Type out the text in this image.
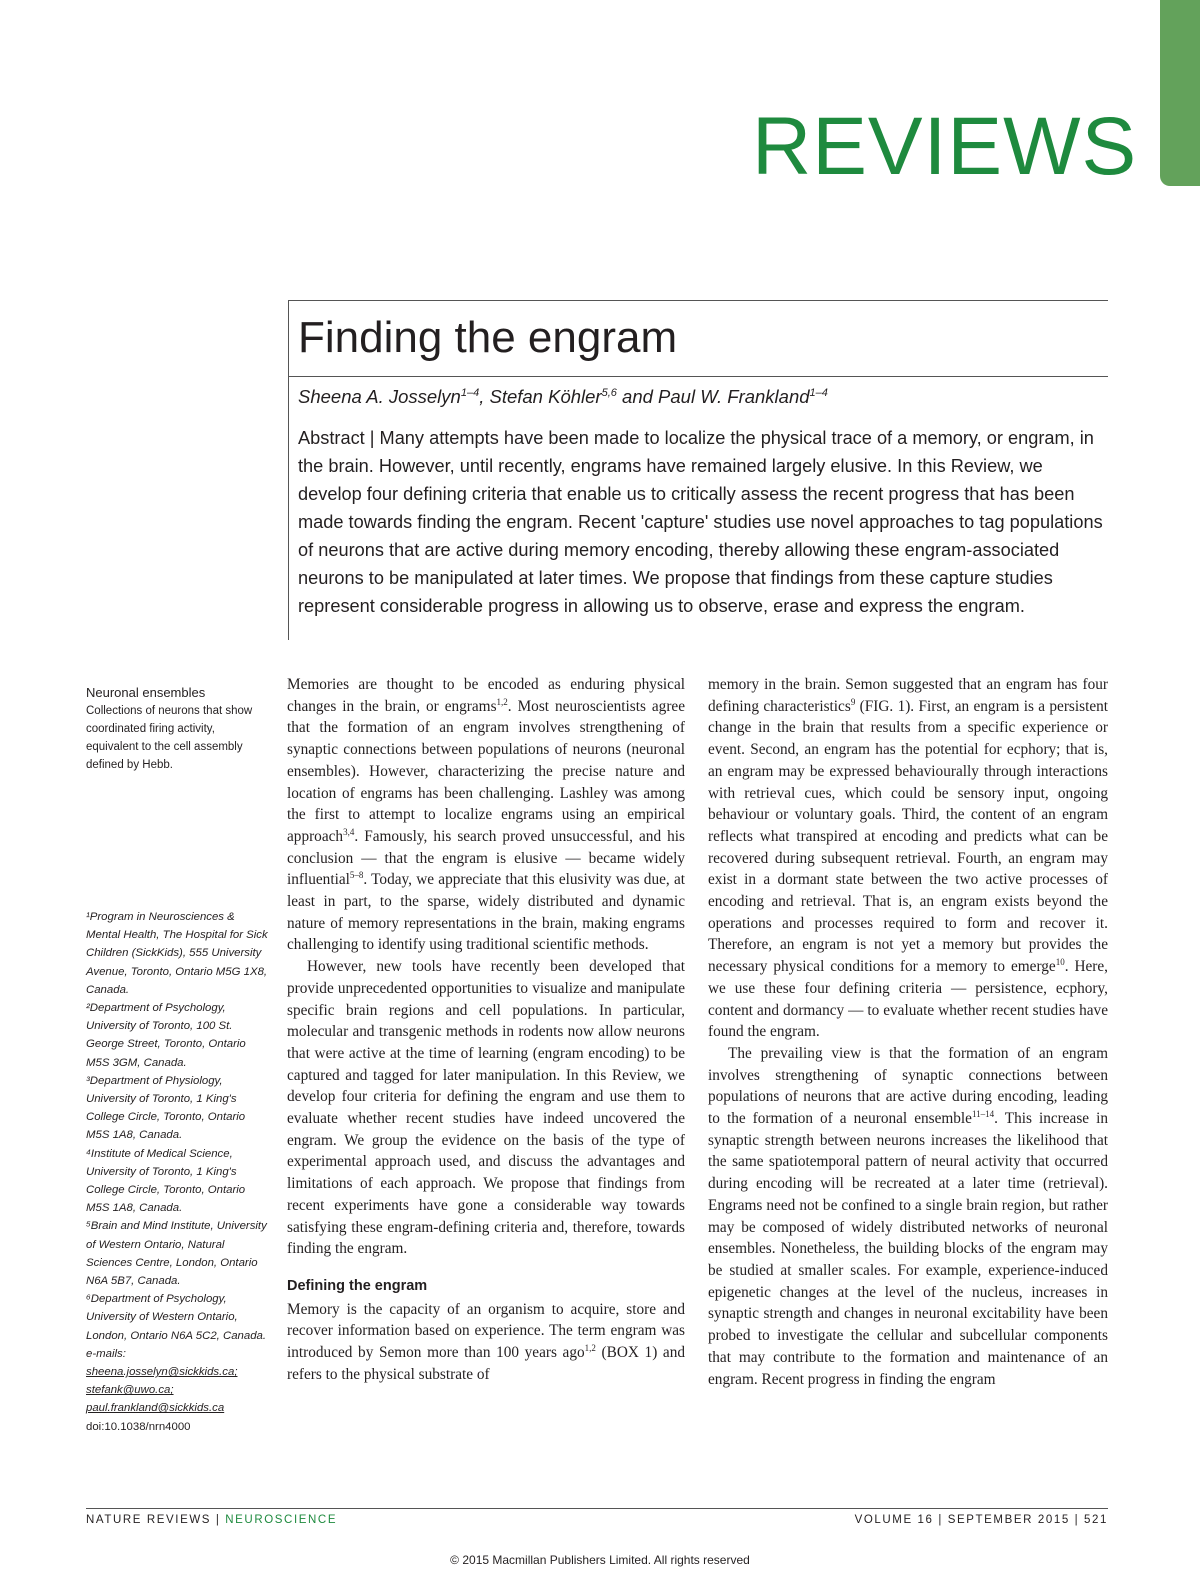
REVIEWS
Finding the engram
Sheena A. Josselyn$^{1-4}$, Stefan Köhler$^{5,6}$ and Paul W. Frankland$^{1-4}$
Abstract | Many attempts have been made to localize the physical trace of a memory, or engram, in the brain. However, until recently, engrams have remained largely elusive. In this Review, we develop four defining criteria that enable us to critically assess the recent progress that has been made towards finding the engram. Recent 'capture' studies use novel approaches to tag populations of neurons that are active during memory encoding, thereby allowing these engram-associated neurons to be manipulated at later times. We propose that findings from these capture studies represent considerable progress in allowing us to observe, erase and express the engram.
Neuronal ensembles
Collections of neurons that show coordinated firing activity, equivalent to the cell assembly defined by Hebb.

¹Program in Neurosciences & Mental Health, The Hospital for Sick Children (SickKids), 555 University Avenue, Toronto, Ontario M5G 1X8, Canada.

²Department of Psychology, University of Toronto, 100 St. George Street, Toronto, Ontario M5S 3GM, Canada.

³Department of Physiology, University of Toronto, 1 King's College Circle, Toronto, Ontario M5S 1A8, Canada.

⁴Institute of Medical Science, University of Toronto, 1 King's College Circle, Toronto, Ontario M5S 1A8, Canada.

⁵Brain and Mind Institute, University of Western Ontario, Natural Sciences Centre, London, Ontario N6A 5B7, Canada.

⁶Department of Psychology, University of Western Ontario, London, Ontario N6A 5C2, Canada.

e-mails: sheena.josselyn@sickkids.ca; stefank@uwo.ca; paul.frankland@sickkids.ca

doi:10.1038/nrn4000

Memories are thought to be encoded as enduring physical changes in the brain, or engrams$^{1,2}$. Most neuroscientists agree that the formation of an engram involves strengthening of synaptic connections between populations of neurons (neuronal ensembles). However, characterizing the precise nature and location of engrams has been challenging. Lashley was among the first to attempt to localize engrams using an empirical approach$^{3,4}$. Famously, his search proved unsuccessful, and his conclusion — that the engram is elusive — became widely influential$^{5-8}$. Today, we appreciate that this elusivity was due, at least in part, to the sparse, widely distributed and dynamic nature of memory representations in the brain, making engrams challenging to identify using traditional scientific methods.

However, new tools have recently been developed that provide unprecedented opportunities to visualize and manipulate specific brain regions and cell populations. In particular, molecular and transgenic methods in rodents now allow neurons that were active at the time of learning (engram encoding) to be captured and tagged for later manipulation. In this Review, we develop four criteria for defining the engram and use them to evaluate whether recent studies have indeed uncovered the engram. We group the evidence on the basis of the type of experimental approach used, and discuss the advantages and limitations of each approach. We propose that findings from recent experiments have gone a considerable way towards satisfying these engram-defining criteria and, therefore, towards finding the engram.

Defining the engram

Memory is the capacity of an organism to acquire, store and recover information based on experience. The term engram was introduced by Semon more than 100 years ago$^{1,2}$ (BOX 1) and refers to the physical substrate of

memory in the brain. Semon suggested that an engram has four defining characteristics$^9$ (FIG. 1). First, an engram is a persistent change in the brain that results from a specific experience or event. Second, an engram has the potential for ecphory; that is, an engram may be expressed behaviourally through interactions with retrieval cues, which could be sensory input, ongoing behaviour or voluntary goals. Third, the content of an engram reflects what transpired at encoding and predicts what can be recovered during subsequent retrieval. Fourth, an engram may exist in a dormant state between the two active processes of encoding and retrieval. That is, an engram exists beyond the operations and processes required to form and recover it. Therefore, an engram is not yet a memory but provides the necessary physical conditions for a memory to emerge$^{10}$. Here, we use these four defining criteria — persistence, ecphory, content and dormancy — to evaluate whether recent studies have found the engram.

The prevailing view is that the formation of an engram involves strengthening of synaptic connections between populations of neurons that are active during encoding, leading to the formation of a neuronal ensemble$^{11-14}$. This increase in synaptic strength between neurons increases the likelihood that the same spatiotemporal pattern of neural activity that occurred during encoding will be recreated at a later time (retrieval). Engrams need not be confined to a single brain region, but rather may be composed of widely distributed networks of neuronal ensembles. Nonetheless, the building blocks of the engram may be studied at smaller scales. For example, experience-induced epigenetic changes at the level of the nucleus, increases in synaptic strength and changes in neuronal excitability have been probed to investigate the cellular and subcellular components that may contribute to the formation and maintenance of an engram. Recent progress in finding the engram

NATURE REVIEWS | NEUROSCIENCE	VOLUME 16 | SEPTEMBER 2015 | 521
© 2015 Macmillan Publishers Limited. All rights reserved
